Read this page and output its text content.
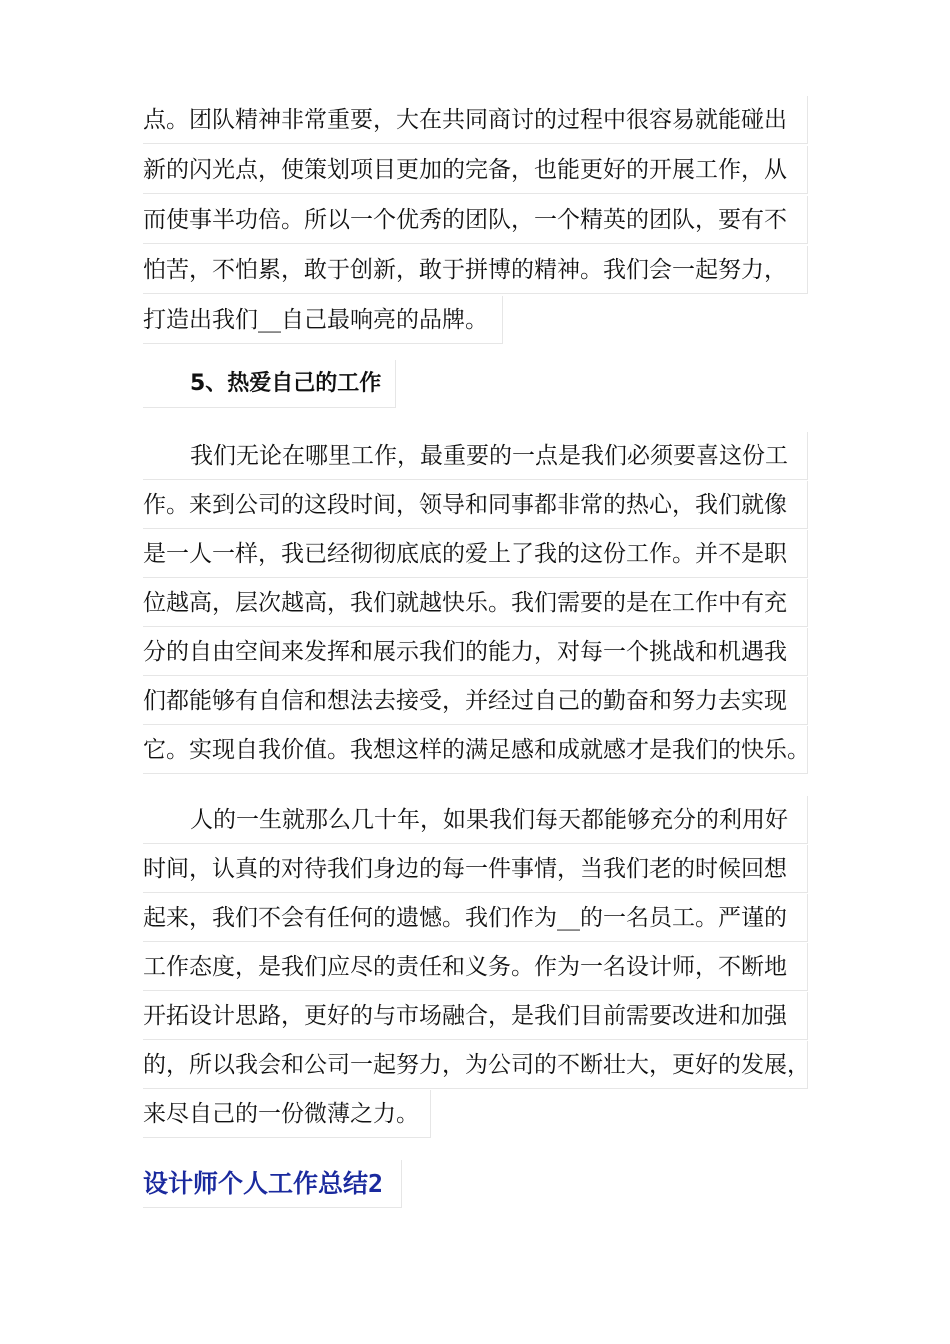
点。团队精神非常重要，大在共同商讨的过程中很容易就能碰出
新的闪光点，使策划项目更加的完备，也能更好的开展工作，从
而使事半功倍。所以一个优秀的团队，一个精英的团队，要有不
怕苦，不怕累，敢于创新，敢于拼博的精神。我们会一起努力，
打造出我们__自己最响亮的品牌。
5、热爱自己的工作
我们无论在哪里工作，最重要的一点是我们必须要喜这份工
作。来到公司的这段时间，领导和同事都非常的热心，我们就像
是一人一样，我已经彻彻底底的爱上了我的这份工作。并不是职
位越高，层次越高，我们就越快乐。我们需要的是在工作中有充
分的自由空间来发挥和展示我们的能力，对每一个挑战和机遇我
们都能够有自信和想法去接受，并经过自己的勤奋和努力去实现
它。实现自我价值。我想这样的满足感和成就感才是我们的快乐。
人的一生就那么几十年，如果我们每天都能够充分的利用好
时间，认真的对待我们身边的每一件事情，当我们老的时候回想
起来，我们不会有任何的遗憾。我们作为__的一名员工。严谨的
工作态度，是我们应尽的责任和义务。作为一名设计师，不断地
开拓设计思路，更好的与市场融合，是我们目前需要改进和加强
的，所以我会和公司一起努力，为公司的不断壮大，更好的发展，
来尽自己的一份微薄之力。
设计师个人工作总结2
